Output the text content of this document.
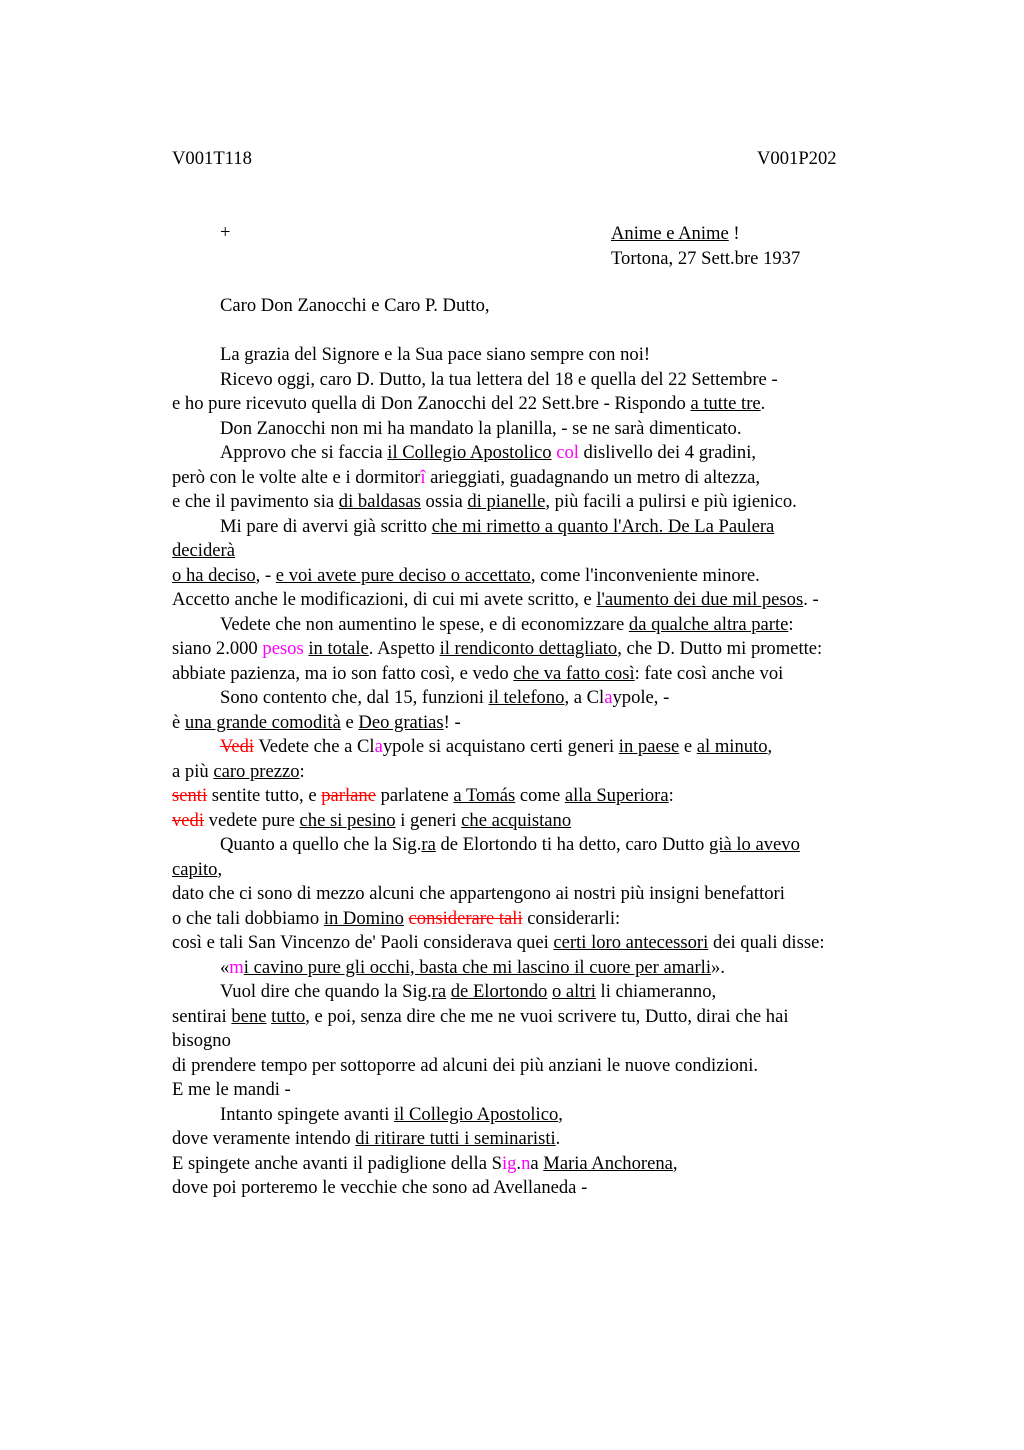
V001T118	V001P202
+	Anime e Anime !
Tortona, 27 Sett.bre 1937
Caro Don Zanocchi e Caro P. Dutto,
La grazia del Signore e la Sua pace siano sempre con noi!
Ricevo oggi, caro D. Dutto, la tua lettera del 18 e quella del 22 Settembre -
e ho pure ricevuto quella di Don Zanocchi del 22 Sett.bre - Rispondo a tutte tre.
Don Zanocchi non mi ha mandato la planilla, - se ne sarà dimenticato.
Approvo che si faccia il Collegio Apostolico col dislivello dei 4 gradini,
però con le volte alte e i dormitorî arieggiati, guadagnando un metro di altezza,
e che il pavimento sia di baldasas ossia di pianelle, più facili a pulirsi e più igienico.
Mi pare di avervi già scritto che mi rimetto a quanto l'Arch. De La Paulera
deciderà
o ha deciso, - e voi avete pure deciso o accettato, come l'inconveniente minore.
Accetto anche le modificazioni, di cui mi avete scritto, e l'aumento dei due mil pesos. -
Vedete che non aumentino le spese, e di economizzare da qualche altra parte:
siano 2.000 pesos in totale. Aspetto il rendiconto dettagliato, che D. Dutto mi promette:
abbiate pazienza, ma io son fatto così, e vedo che va fatto così: fate così anche voi
Sono contento che, dal 15, funzioni il telefono, a Claypole, -
è una grande comodità e Deo gratias! -
Vedi Vedete che a Claypole si acquistano certi generi in paese e al minuto,
a più caro prezzo:
senti sentite tutto, e parlane parlatene a Tomás come alla Superiora:
vedi vedete pure che si pesino i generi che acquistano
Quanto a quello che la Sig.ra de Elortondo ti ha detto, caro Dutto già lo avevo
capito,
dato che ci sono di mezzo alcuni che appartengono ai nostri più insigni benefattori
o che tali dobbiamo in Domino considerare tali considerarli:
così e tali San Vincenzo de' Paoli considerava quei certi loro antecessori dei quali disse:
«mi cavino pure gli occhi, basta che mi lascino il cuore per amarli».
Vuol dire che quando la Sig.ra de Elortondo o altri li chiameranno,
sentirai bene tutto, e poi, senza dire che me ne vuoi scrivere tu, Dutto, dirai che hai
bisogno
di prendere tempo per sottoporre ad alcuni dei più anziani le nuove condizioni.
E me le mandi -
Intanto spingete avanti il Collegio Apostolico,
dove veramente intendo di ritirare tutti i seminaristi.
E spingete anche avanti il padiglione della Sig.na Maria Anchorena,
dove poi porteremo le vecchie che sono ad Avellaneda -
